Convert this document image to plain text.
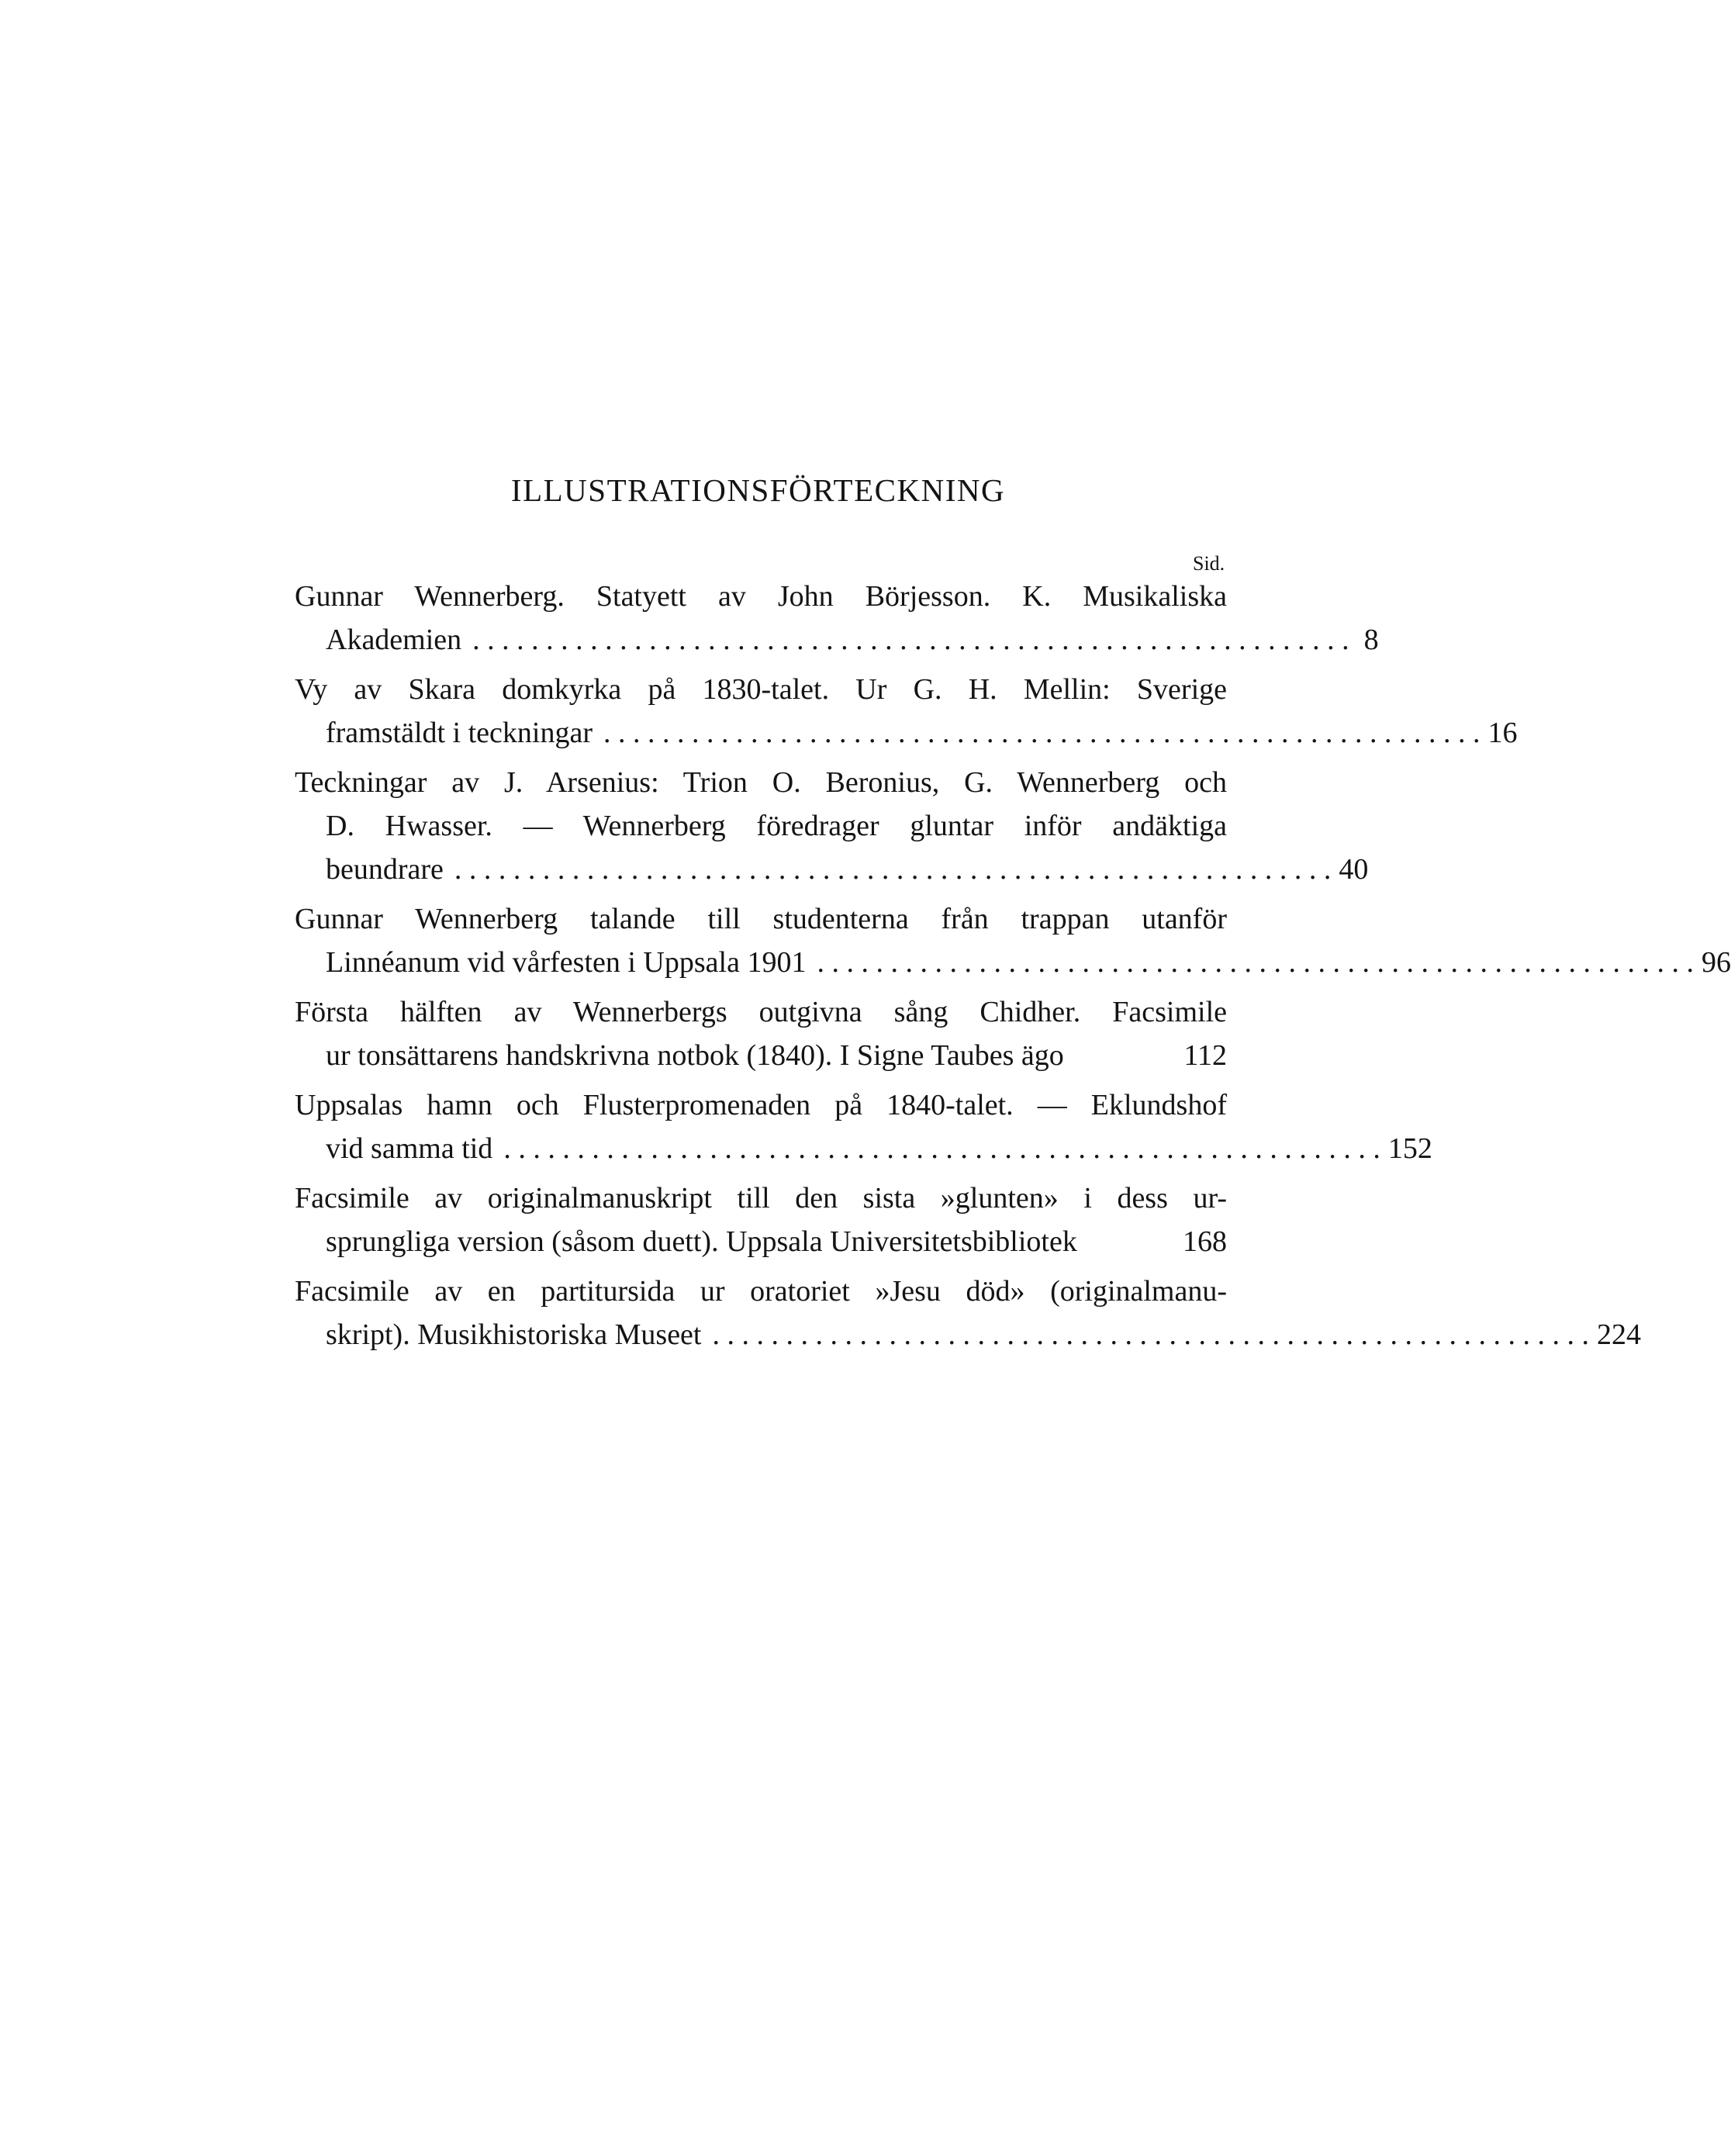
ILLUSTRATIONSFÖRTECKNING
Sid.
Gunnar Wennerberg. Statyett av John Börjesson. K. Musikaliska
Akademien . . . . . . . . . . . . . . . . . . . . . . . . . . . . . . . . . . . . . . . . . . . . . . . . . . . . . . . . . . . . 8
Vy av Skara domkyrka på 1830-talet. Ur G. H. Mellin: Sverige
framstäldt i teckningar . . . . . . . . . . . . . . . . . . . . . . . . . . . . . . . . . . . . . . . . . . . . . . . . . . . . . . . . . . . . 16
Teckningar av J. Arsenius: Trion O. Beronius, G. Wennerberg och
D. Hwasser. — Wennerberg föredrager gluntar inför andäktiga
beundrare . . . . . . . . . . . . . . . . . . . . . . . . . . . . . . . . . . . . . . . . . . . . . . . . . . . . . . . . . . . . 40
Gunnar Wennerberg talande till studenterna från trappan utanför
Linnéanum vid vårfesten i Uppsala 1901 . . . . . . . . . . . . . . . . . . . . . . . . . . . . . . . . . . . . . . . . . . . . . . . . . . . . . . . . . . . . 96
Första hälften av Wennerbergs outgivna sång Chidher. Facsimile
ur tonsättarens handskrivna notbok (1840). I Signe Taubes ägo	112
Uppsalas hamn och Flusterpromenaden på 1840-talet. — Eklundshof
vid samma tid . . . . . . . . . . . . . . . . . . . . . . . . . . . . . . . . . . . . . . . . . . . . . . . . . . . . . . . . . . . . 152
Facsimile av originalmanuskript till den sista »glunten» i dess ur-
sprungliga version (såsom duett). Uppsala Universitetsbibliotek	168
Facsimile av en partitursida ur oratoriet »Jesu död» (originalmanu-
skript). Musikhistoriska Museet . . . . . . . . . . . . . . . . . . . . . . . . . . . . . . . . . . . . . . . . . . . . . . . . . . . . . . . . . . . . 224
